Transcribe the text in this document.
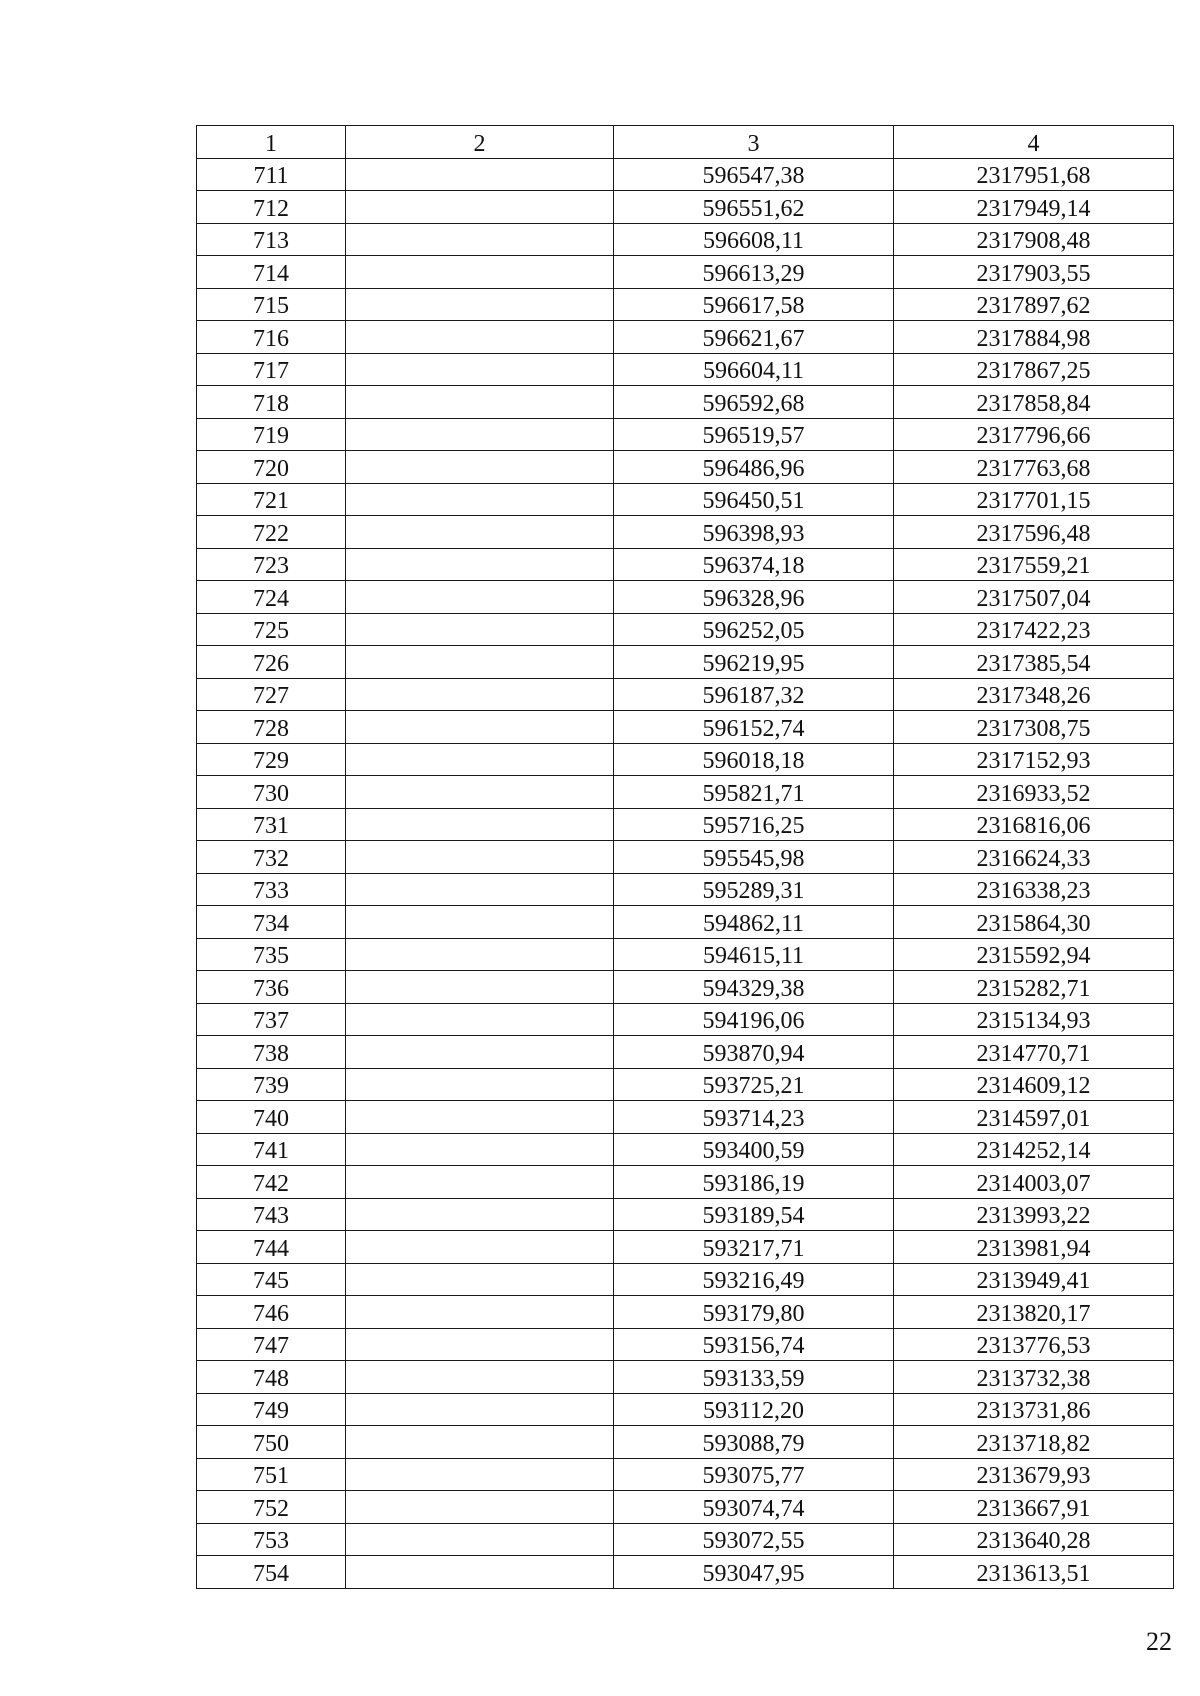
1	2	3	4
711		596547,38	2317951,68
712		596551,62	2317949,14
713		596608,11	2317908,48
714		596613,29	2317903,55
715		596617,58	2317897,62
716		596621,67	2317884,98
717		596604,11	2317867,25
718		596592,68	2317858,84
719		596519,57	2317796,66
720		596486,96	2317763,68
721		596450,51	2317701,15
722		596398,93	2317596,48
723		596374,18	2317559,21
724		596328,96	2317507,04
725		596252,05	2317422,23
726		596219,95	2317385,54
727		596187,32	2317348,26
728		596152,74	2317308,75
729		596018,18	2317152,93
730		595821,71	2316933,52
731		595716,25	2316816,06
732		595545,98	2316624,33
733		595289,31	2316338,23
734		594862,11	2315864,30
735		594615,11	2315592,94
736		594329,38	2315282,71
737		594196,06	2315134,93
738		593870,94	2314770,71
739		593725,21	2314609,12
740		593714,23	2314597,01
741		593400,59	2314252,14
742		593186,19	2314003,07
743		593189,54	2313993,22
744		593217,71	2313981,94
745		593216,49	2313949,41
746		593179,80	2313820,17
747		593156,74	2313776,53
748		593133,59	2313732,38
749		593112,20	2313731,86
750		593088,79	2313718,82
751		593075,77	2313679,93
752		593074,74	2313667,91
753		593072,55	2313640,28
754		593047,95	2313613,51
22
